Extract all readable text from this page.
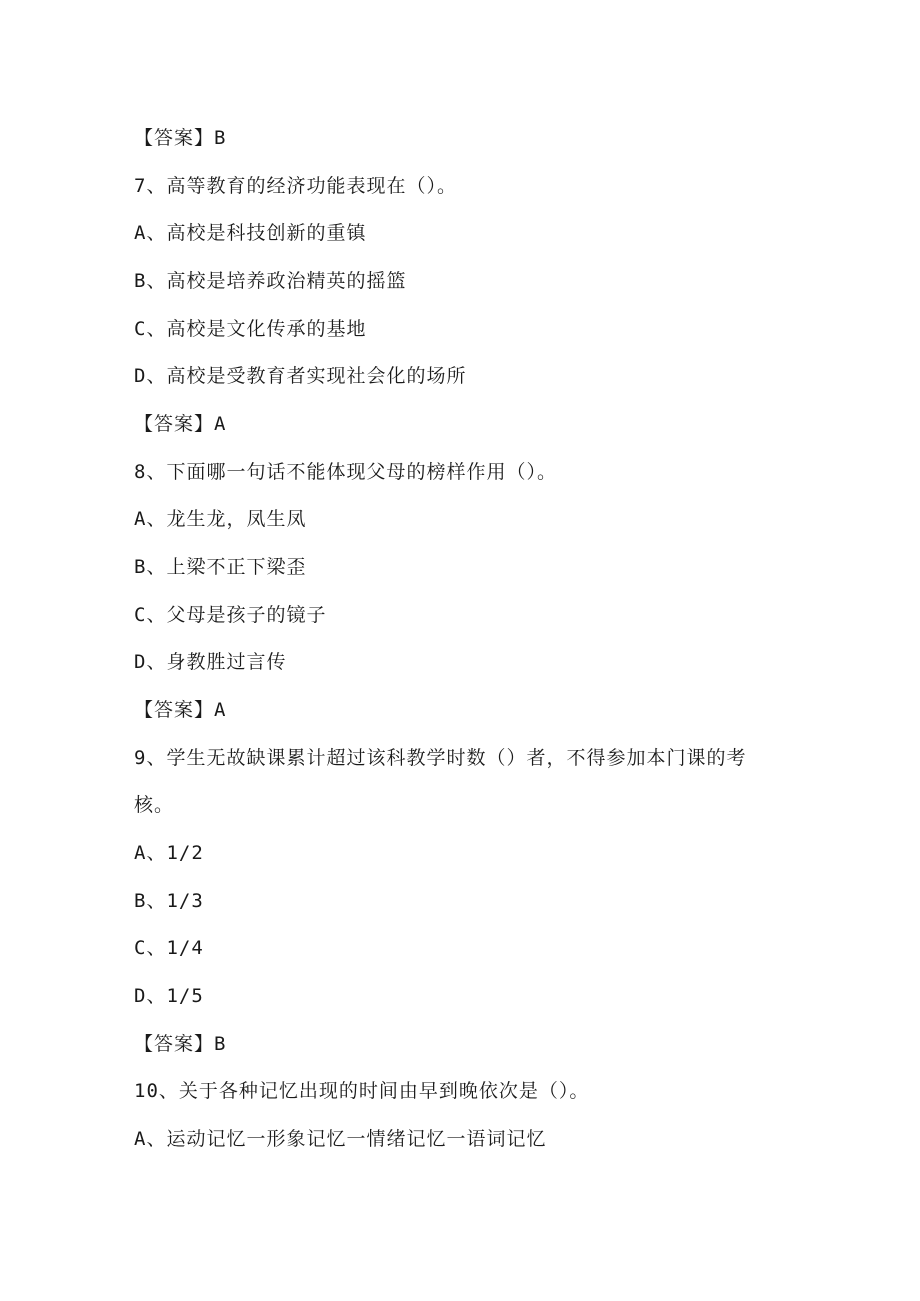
【答案】B
7、高等教育的经济功能表现在（）。
A、高校是科技创新的重镇
B、高校是培养政治精英的摇篮
C、高校是文化传承的基地
D、高校是受教育者实现社会化的场所
【答案】A
8、下面哪一句话不能体现父母的榜样作用（）。
A、龙生龙，凤生凤
B、上梁不正下梁歪
C、父母是孩子的镜子
D、身教胜过言传
【答案】A
9、学生无故缺课累计超过该科教学时数（）者，不得参加本门课的考
核。
A、1/2
B、1/3
C、1/4
D、1/5
【答案】B
10、关于各种记忆出现的时间由早到晚依次是（）。
A、运动记忆一形象记忆一情绪记忆一语词记忆
